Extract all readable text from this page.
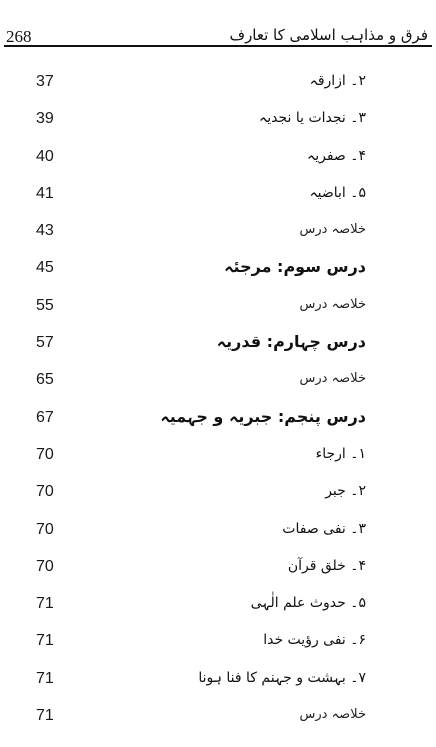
268	فرق و مذاہب اسلامی کا تعارف
37	۲۔ ازارقہ
39	۳۔ نجدات یا نجدیہ
40	۴۔ صفریہ
41	۵۔ اباضیہ
43	خلاصہ درس
45	درس سوم: مرجئہ
55	خلاصہ درس
57	درس چہارم: قدریہ
65	خلاصہ درس
67	درس پنجم: جبریہ و جہمیہ
70	۱۔ ارجاء
70	۲۔ جبر
70	۳۔ نفی صفات
70	۴۔ خلق قرآن
71	۵۔ حدوث علم الٰہی
71	۶۔ نفی رؤیت خدا
71	۷۔ بہشت و جہنم کا فنا ہونا
71	خلاصہ درس
